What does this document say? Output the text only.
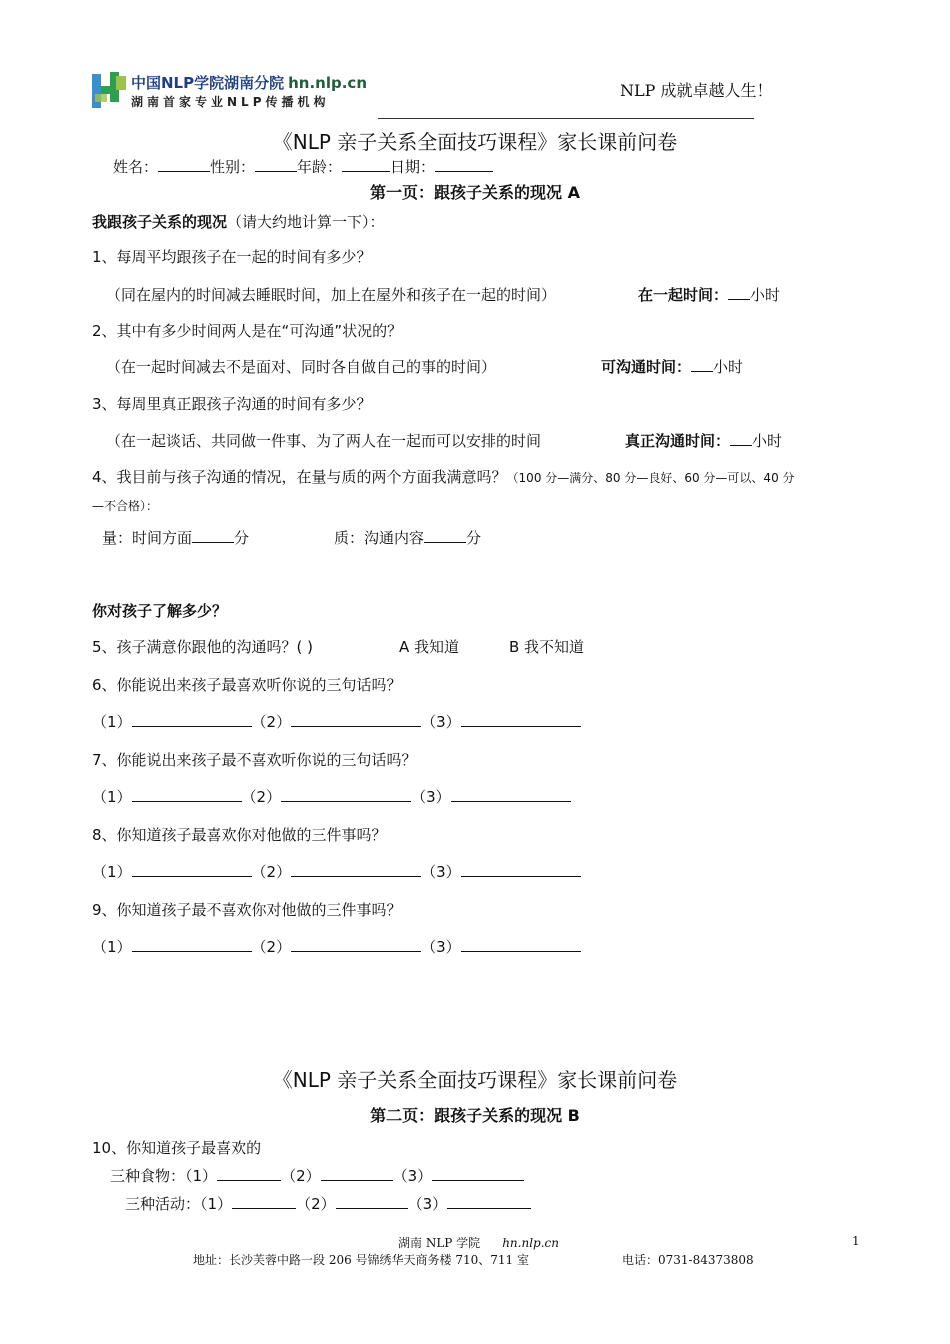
中国NLP学院湖南分院 hn.nlp.cn
湖南首家专业NLP传播机构
NLP 成就卓越人生！
《NLP 亲子关系全面技巧课程》家长课前问卷
姓名：	性别：	年龄：	日期：
第一页：跟孩子关系的现况 A
我跟孩子关系的现况（请大约地计算一下）：
1、每周平均跟孩子在一起的时间有多少？
（同在屋内的时间减去睡眠时间，加上在屋外和孩子在一起的时间）	在一起时间： 小时
2、其中有多少时间两人是在“可沟通”状况的？
（在一起时间减去不是面对、同时各自做自己的事的时间）	可沟通时间： 小时
3、每周里真正跟孩子沟通的时间有多少？
（在一起谈话、共同做一件事、为了两人在一起而可以安排的时间	真正沟通时间： 小时
4、我目前与孩子沟通的情况，在量与质的两个方面我满意吗？（100 分—满分、80 分—良好、60 分—可以、40 分
—不合格）：
量：时间方面	分	质：沟通内容	分
你对孩子了解多少？
5、孩子满意你跟他的沟通吗？( )	A 我知道	B 我不知道
6、你能说出来孩子最喜欢听你说的三句话吗？
（1）	（2）	（3）
7、你能说出来孩子最不喜欢听你说的三句话吗？
（1）	（2）	（3）
8、你知道孩子最喜欢你对他做的三件事吗？
（1）	（2）	（3）
9、你知道孩子最不喜欢你对他做的三件事吗？
（1）	（2）	（3）
《NLP 亲子关系全面技巧课程》家长课前问卷
第二页：跟孩子关系的现况 B
10、你知道孩子最喜欢的
三种食物：（1）	（2）	（3）
三种活动：（1）	（2）	（3）
湖南 NLP 学院 hn.nlp.cn	1
地址：长沙芙蓉中路一段 206 号锦绣华天商务楼 710、711 室	电话：0731-84373808
